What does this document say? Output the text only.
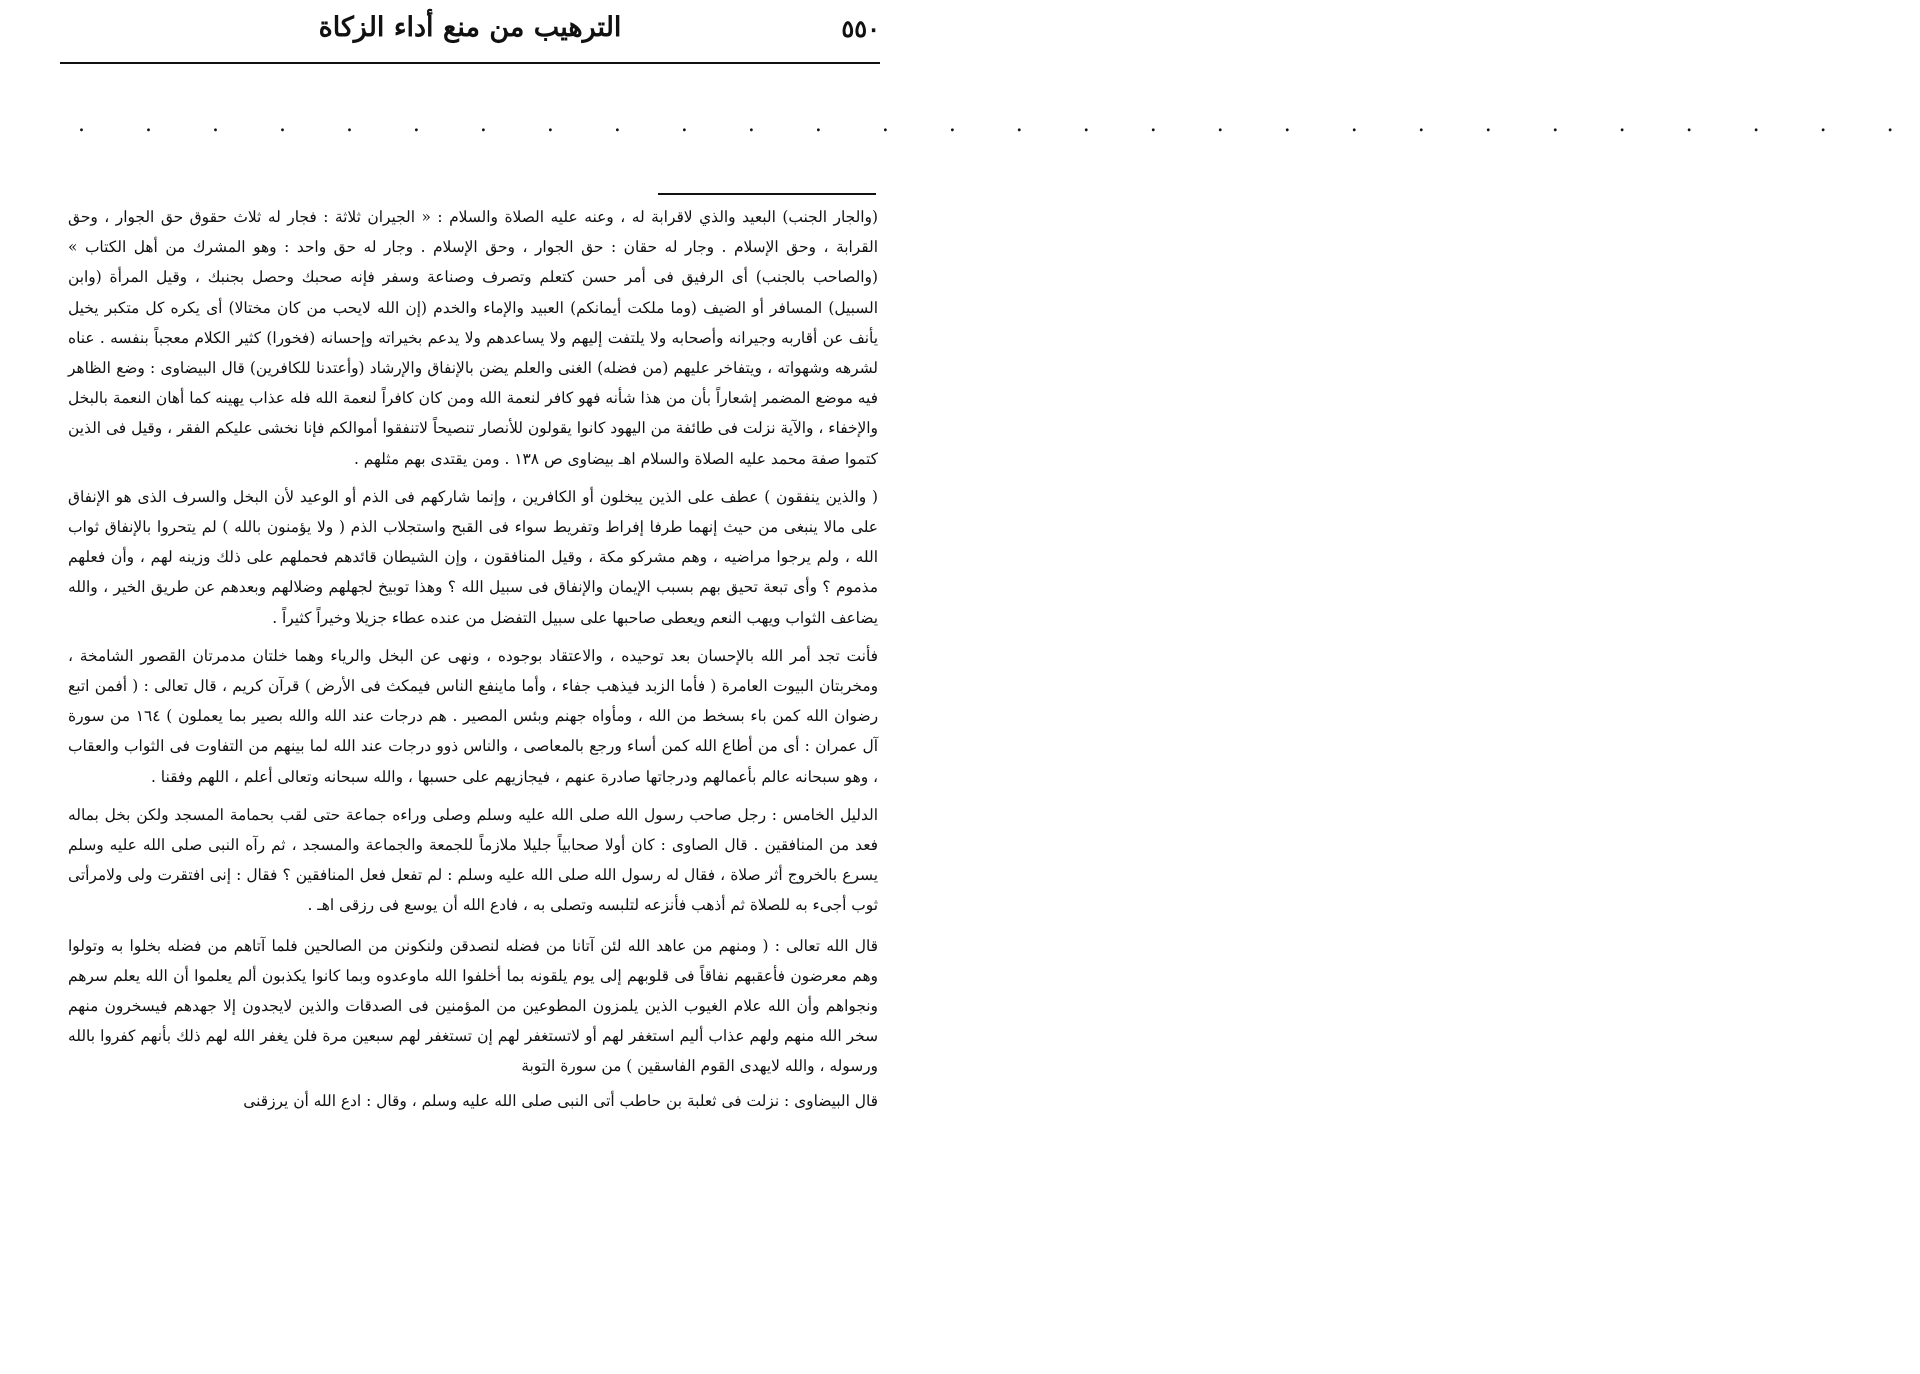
٥٥٠
الترهيب من منع أداء الزكاة
. . . . . . . . . . . . . . . . . . . . . . . . . . . .

(والجار الجنب) البعيد والذي لاقرابة له ، وعنه عليه الصلاة والسلام : « الجيران ثلاثة : فجار له ثلاث حقوق حق الجوار ، وحق القرابة ، وحق الإسلام . وجار له حقان : حق الجوار ، وحق الإسلام . وجار له حق واحد : وهو المشرك من أهل الكتاب » (والصاحب بالجنب) أى الرفيق فى أمر حسن كتعلم وتصرف وصناعة وسفر فإنه صحبك وحصل بجنبك ، وقيل المرأة (وابن السبيل) المسافر أو الضيف (وما ملكت أيمانكم) العبيد والإماء والخدم (إن الله لايحب من كان مختالا) أى يكره كل متكبر يخيل يأنف عن أقاربه وجيرانه وأصحابه ولا يلتفت إليهم ولا يساعدهم ولا يدعم بخيراته وإحسانه (فخورا) كثير الكلام معجباً بنفسه . عناه لشرهه وشهواته ، ويتفاخر عليهم (من فضله) الغنى والعلم يضن بالإنفاق والإرشاد (وأعتدنا للكافرين) قال البيضاوى : وضع الظاهر فيه موضع المضمر إشعاراً بأن من هذا شأنه فهو كافر لنعمة الله ومن كان كافراً لنعمة الله فله عذاب يهينه كما أهان النعمة بالبخل والإخفاء ، والآية نزلت فى طائفة من اليهود كانوا يقولون للأنصار تنصيحاً لاتنفقوا أموالكم فإنا نخشى عليكم الفقر ، وقيل فى الذين كتموا صفة محمد عليه الصلاة والسلام اهـ بيضاوى ص ١٣٨ . ومن يقتدى بهم مثلهم .

( والذين ينفقون ) عطف على الذين يبخلون أو الكافرين ، وإنما شاركهم فى الذم أو الوعيد لأن البخل والسرف الذى هو الإنفاق على مالا ينبغى من حيث إنهما طرفا إفراط وتفريط سواء فى القبح واستجلاب الذم ( ولا يؤمنون بالله ) لم يتحروا بالإنفاق ثواب الله ، ولم يرجوا مراضيه ، وهم مشركو مكة ، وقيل المنافقون ، وإن الشيطان قائدهم فحملهم على ذلك وزينه لهم ، وأن فعلهم مذموم ؟ وأى تبعة تحيق بهم بسبب الإيمان والإنفاق فى سبيل الله ؟ وهذا توبيخ لجهلهم وضلالهم وبعدهم عن طريق الخير ، والله يضاعف الثواب ويهب النعم ويعطى صاحبها على سبيل التفضل من عنده عطاء جزيلا وخيراً كثيراً .

فأنت تجد أمر الله بالإحسان بعد توحيده ، والاعتقاد بوجوده ، ونهى عن البخل والرياء وهما خلتان مدمرتان القصور الشامخة ، ومخربتان البيوت العامرة ( فأما الزبد فيذهب جفاء ، وأما ماينفع الناس فيمكث فى الأرض ) قرآن كريم ، قال تعالى : ( أفمن اتبع رضوان الله كمن باء بسخط من الله ، ومأواه جهنم وبئس المصير . هم درجات عند الله والله بصير بما يعملون ) ١٦٤ من سورة آل عمران : أى من أطاع الله كمن أساء ورجع بالمعاصى ، والناس ذوو درجات عند الله لما بينهم من التفاوت فى الثواب والعقاب ، وهو سبحانه عالم بأعمالهم ودرجاتها صادرة عنهم ، فيجازيهم على حسبها ، والله سبحانه وتعالى أعلم ، اللهم وفقنا .

الدليل الخامس : رجل صاحب رسول الله صلى الله عليه وسلم وصلى وراءه جماعة حتى لقب بحمامة المسجد ولكن بخل بماله فعد من المنافقين . قال الصاوى : كان أولا صحابياً جليلا ملازماً للجمعة والجماعة والمسجد ، ثم رآه النبى صلى الله عليه وسلم يسرع بالخروج أثر صلاة ، فقال له رسول الله صلى الله عليه وسلم : لم تفعل فعل المنافقين ؟ فقال : إنى افتقرت ولى ولامرأتى ثوب أجىء به للصلاة ثم أذهب فأنزعه لتلبسه وتصلى به ، فادع الله أن يوسع فى رزقى اهـ .

قال الله تعالى : ( ومنهم من عاهد الله لئن آتانا من فضله لنصدقن ولنكونن من الصالحين فلما آتاهم من فضله بخلوا به وتولوا وهم معرضون فأعقبهم نفاقاً فى قلوبهم إلى يوم يلقونه بما أخلفوا الله ماوعدوه وبما كانوا يكذبون ألم يعلموا أن الله يعلم سرهم ونجواهم وأن الله علام الغيوب الذين يلمزون المطوعين من المؤمنين فى الصدقات والذين لايجدون إلا جهدهم فيسخرون منهم سخر الله منهم ولهم عذاب أليم استغفر لهم أو لاتستغفر لهم إن تستغفر لهم سبعين مرة فلن يغفر الله لهم ذلك بأنهم كفروا بالله ورسوله ، والله لايهدى القوم الفاسقين ) من سورة التوبة

قال البيضاوى : نزلت فى ثعلبة بن حاطب أتى النبى صلى الله عليه وسلم ، وقال : ادع الله أن يرزقنى
